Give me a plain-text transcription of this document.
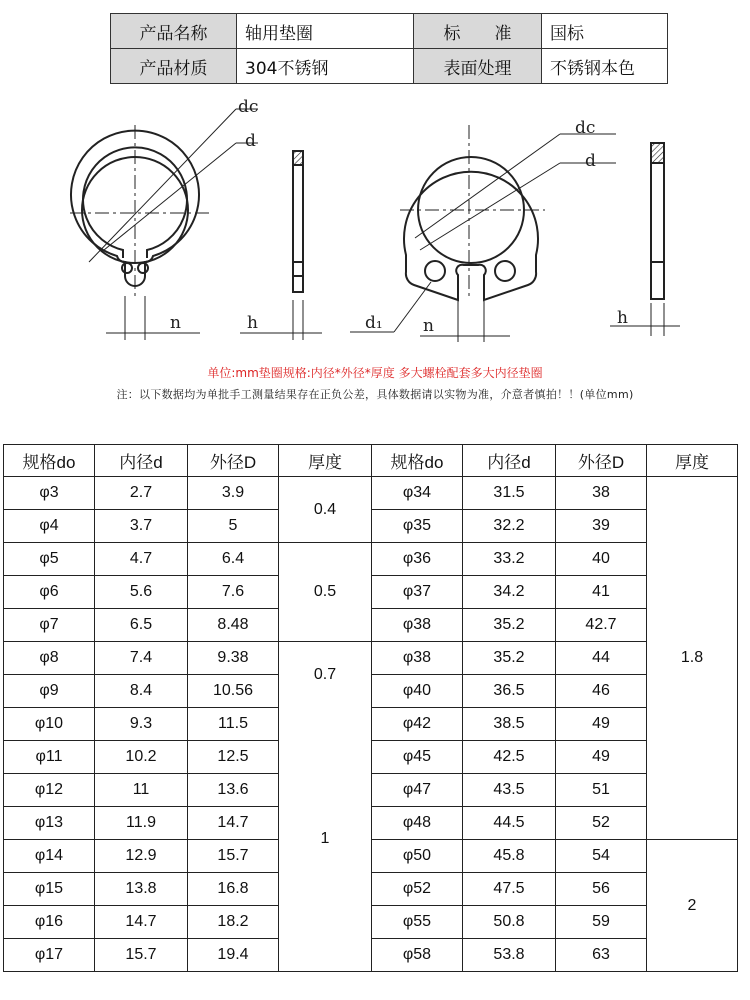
产品名称	轴用垫圈	标　　准	国标
产品材质	304不锈钢	表面处理	不锈钢本色
dc
d
n	h
dc
d
d₁ n	h
单位:mm垫圈规格:内径*外径*厚度 多大螺栓配套多大内径垫圈
注：以下数据均为单批手工测量结果存在正负公差，具体数据请以实物为准，介意者慎拍！！(单位mm)
规格do	内径d	外径D	厚度	规格do	内径d	外径D	厚度
φ3	2.7	3.9	0.4	φ34	31.5	38	1.8
φ4	3.7	5		φ35	32.2	39	
φ5	4.7	6.4	0.5	φ36	33.2	40	
φ6	5.6	7.6		φ37	34.2	41	
φ7	6.5	8.48		φ38	35.2	42.7	
φ8	7.4	9.38	0.7	φ38	35.2	44	
φ9	8.4	10.56		φ40	36.5	46	
φ10	9.3	11.5	1	φ42	38.5	49	
φ11	10.2	12.5		φ45	42.5	49	
φ12	11	13.6		φ47	43.5	51	
φ13	11.9	14.7		φ48	44.5	52	
φ14	12.9	15.7		φ50	45.8	54	2
φ15	13.8	16.8		φ52	47.5	56	
φ16	14.7	18.2		φ55	50.8	59	
φ17	15.7	19.4		φ58	53.8	63	
